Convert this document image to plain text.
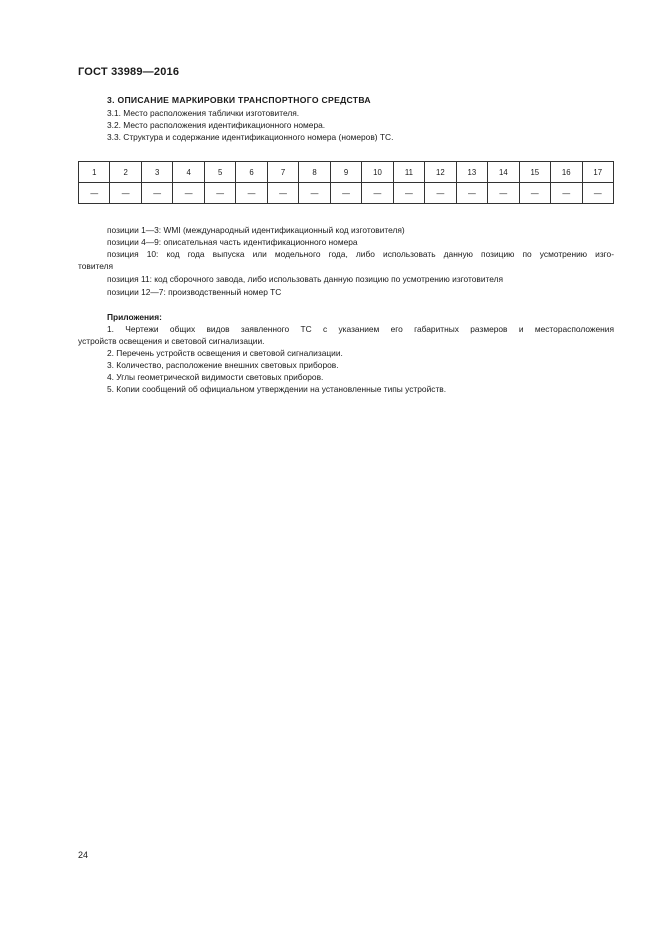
ГОСТ 33989—2016
3. ОПИСАНИЕ МАРКИРОВКИ ТРАНСПОРТНОГО СРЕДСТВА
3.1. Место расположения таблички изготовителя.
3.2. Место расположения идентификационного номера.
3.3. Структура и содержание идентификационного номера (номеров) ТС.
1	2	3	4	5	6	7	8	9	10	11	12	13	14	15	16	17
—	—	—	—	—	—	—	—	—	—	—	—	—	—	—	—	—
позиции 1—3: WMI (международный идентификационный код изготовителя)
позиции 4—9: описательная часть идентификационного номера
позиция 10: код года выпуска или модельного года, либо использовать данную позицию по усмотрению изго-
товителя
позиция 11: код сборочного завода, либо использовать данную позицию по усмотрению изготовителя
позиции 12—7: производственный номер ТС
Приложения:
1. Чертежи общих видов заявленного ТС с указанием его габаритных размеров и месторасположения
устройств освещения и световой сигнализации.
2. Перечень устройств освещения и световой сигнализации.
3. Количество, расположение внешних световых приборов.
4. Углы геометрической видимости световых приборов.
5. Копии сообщений об официальном утверждении на установленные типы устройств.
24
